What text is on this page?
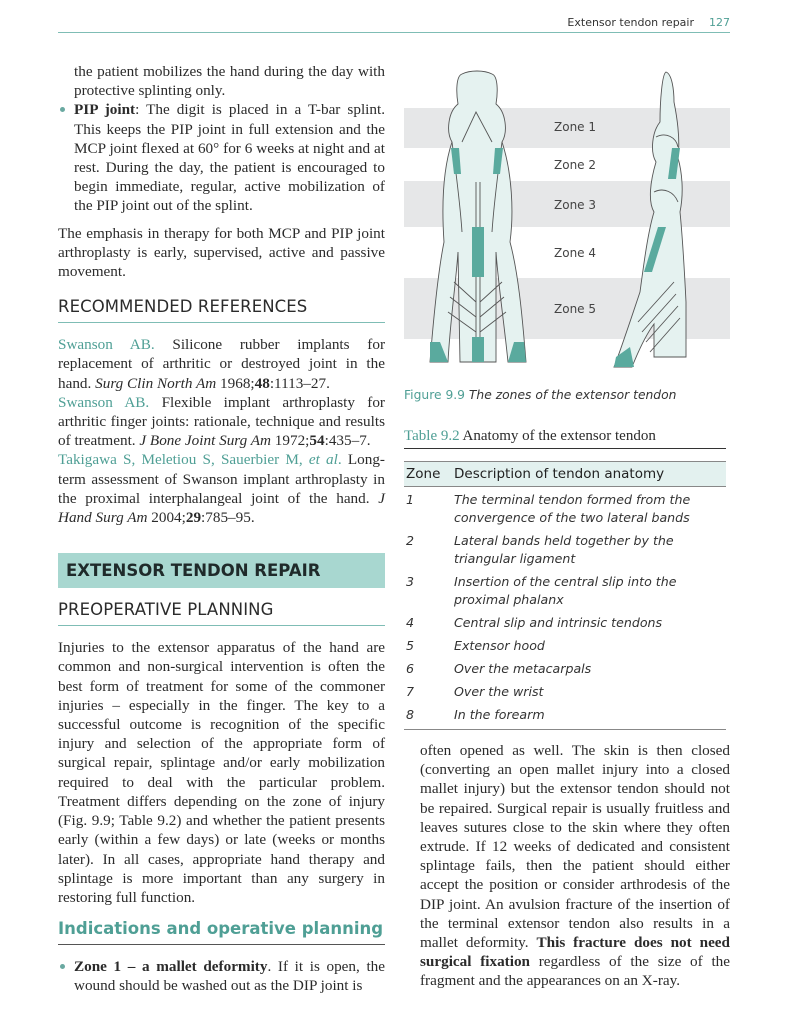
Extensor tendon repair 127

the patient mobilizes the hand during the day with protective splinting only.

PIP joint: The digit is placed in a T-bar splint. This keeps the PIP joint in full extension and the MCP joint flexed at 60° for 6 weeks at night and at rest. During the day, the patient is encouraged to begin immediate, regular, active mobilization of the PIP joint out of the splint.

The emphasis in therapy for both MCP and PIP joint arthroplasty is early, supervised, active and passive movement.

RECOMMENDED REFERENCES

Swanson AB. Silicone rubber implants for replacement of arthritic or destroyed joint in the hand. Surg Clin North Am 1968;48:1113–27.

Swanson AB. Flexible implant arthroplasty for arthritic finger joints: rationale, technique and results of treatment. J Bone Joint Surg Am 1972;54:435–7.

Takigawa S, Meletiou S, Sauerbier M, et al. Long-term assessment of Swanson implant arthroplasty in the proximal interphalangeal joint of the hand. J Hand Surg Am 2004;29:785–95.

EXTENSOR TENDON REPAIR
PREOPERATIVE PLANNING

Injuries to the extensor apparatus of the hand are common and non-surgical intervention is often the best form of treatment for some of the commoner injuries – especially in the finger. The key to a successful outcome is recognition of the specific injury and selection of the appropriate form of surgical repair, splintage and/or early mobilization required to deal with the particular problem. Treatment differs depending on the zone of injury (Fig. 9.9; Table 9.2) and whether the patient presents early (within a few days) or late (weeks or months later). In all cases, appropriate hand therapy and splintage is more important than any surgery in restoring full function.

Indications and operative planning
Zone 1 – a mallet deformity. If it is open, the wound should be washed out as the DIP joint is
Zone 1
Zone 2
Zone 3
Zone 4
Zone 5
Figure 9.9 The zones of the extensor tendon
Table 9.2 Anatomy of the extensor tendon
Zone	Description of tendon anatomy
1	The terminal tendon formed from the convergence of the two lateral bands
2	Lateral bands held together by the triangular ligament
3	Insertion of the central slip into the proximal phalanx
4	Central slip and intrinsic tendons
5	Extensor hood
6	Over the metacarpals
7	Over the wrist
8	In the forearm

often opened as well. The skin is then closed (converting an open mallet injury into a closed mallet injury) but the extensor tendon should not be repaired. Surgical repair is usually fruitless and leaves sutures close to the skin where they often extrude. If 12 weeks of dedicated and consistent splintage fails, then the patient should either accept the position or consider arthrodesis of the DIP joint. An avulsion fracture of the insertion of the terminal extensor tendon also results in a mallet deformity. This fracture does not need surgical fixation regardless of the size of the fragment and the appearances on an X-ray.
